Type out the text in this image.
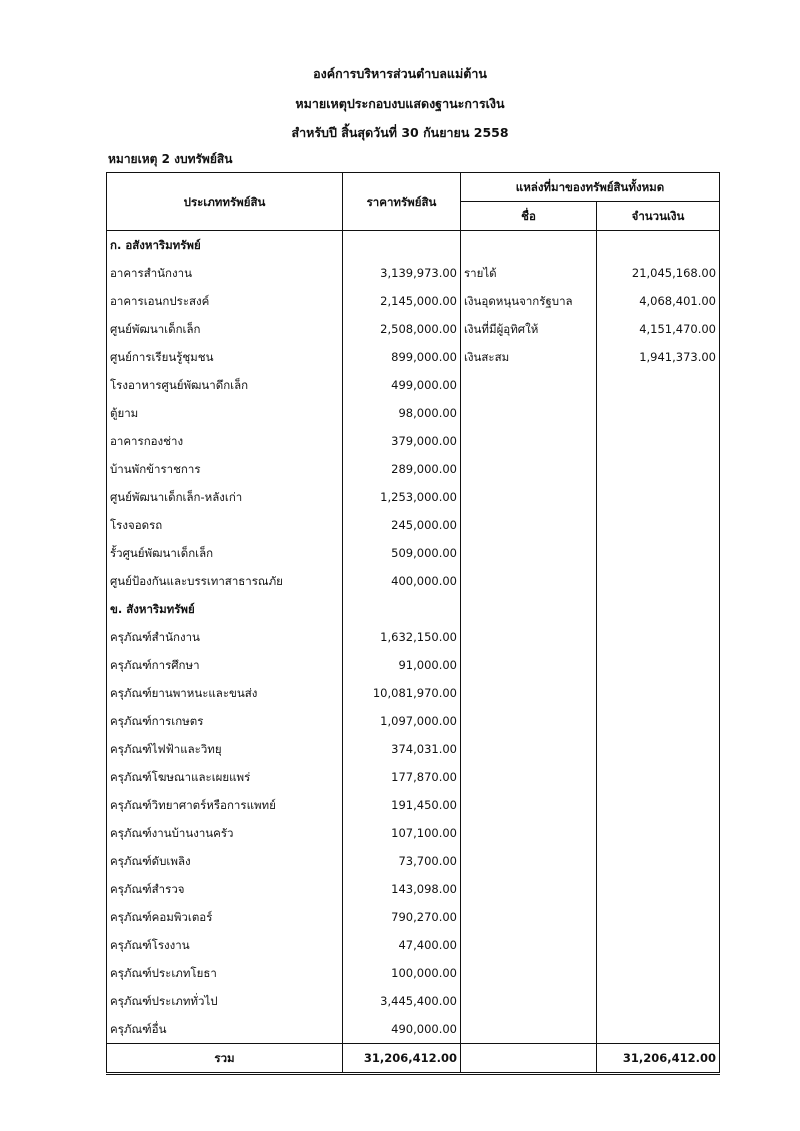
องค์การบริหารส่วนตำบลแม่ต้าน
หมายเหตุประกอบงบแสดงฐานะการเงิน
สำหรับปี สิ้นสุดวันที่ 30 กันยายน 2558
หมายเหตุ 2 งบทรัพย์สิน
ประเภททรัพย์สิน	ราคาทรัพย์สิน	แหล่งที่มาของทรัพย์สินทั้งหมด	
		ชื่อ	จำนวนเงิน
ก. อสังหาริมทรัพย์			
อาคารสำนักงาน	3,139,973.00	รายได้	21,045,168.00
อาคารเอนกประสงค์	2,145,000.00	เงินอุดหนุนจากรัฐบาล	4,068,401.00
ศูนย์พัฒนาเด็กเล็ก	2,508,000.00	เงินที่มีผู้อุทิศให้	4,151,470.00
ศูนย์การเรียนรู้ชุมชน	899,000.00	เงินสะสม	1,941,373.00
โรงอาหารศูนย์พัฒนาดึกเล็ก	499,000.00		
ตู้ยาม	98,000.00		
อาคารกองช่าง	379,000.00		
บ้านพักข้าราชการ	289,000.00		
ศูนย์พัฒนาเด็กเล็ก-หลังเก่า	1,253,000.00		
โรงจอดรถ	245,000.00		
รั้วศูนย์พัฒนาเด็กเล็ก	509,000.00		
ศูนย์ป้องกันและบรรเทาสาธารณภัย	400,000.00		
ข. สังหาริมทรัพย์			
ครุภัณฑ์สำนักงาน	1,632,150.00		
ครุภัณฑ์การศึกษา	91,000.00		
ครุภัณฑ์ยานพาหนะและขนส่ง	10,081,970.00		
ครุภัณฑ์การเกษตร	1,097,000.00		
ครุภัณฑ์ไฟฟ้าและวิทยุ	374,031.00		
ครุภัณฑ์โฆษณาและเผยแพร่	177,870.00		
ครุภัณฑ์วิทยาศาตร์หรือการแพทย์	191,450.00		
ครุภัณฑ์งานบ้านงานครัว	107,100.00		
ครุภัณฑ์ดับเพลิง	73,700.00		
ครุภัณฑ์สำรวจ	143,098.00		
ครุภัณฑ์คอมพิวเตอร์	790,270.00		
ครุภัณฑ์โรงงาน	47,400.00		
ครุภัณฑ์ประเภทโยธา	100,000.00		
ครุภัณฑ์ประเภททั่วไป	3,445,400.00		
ครุภัณฑ์อื่น	490,000.00		
รวม	31,206,412.00		31,206,412.00
